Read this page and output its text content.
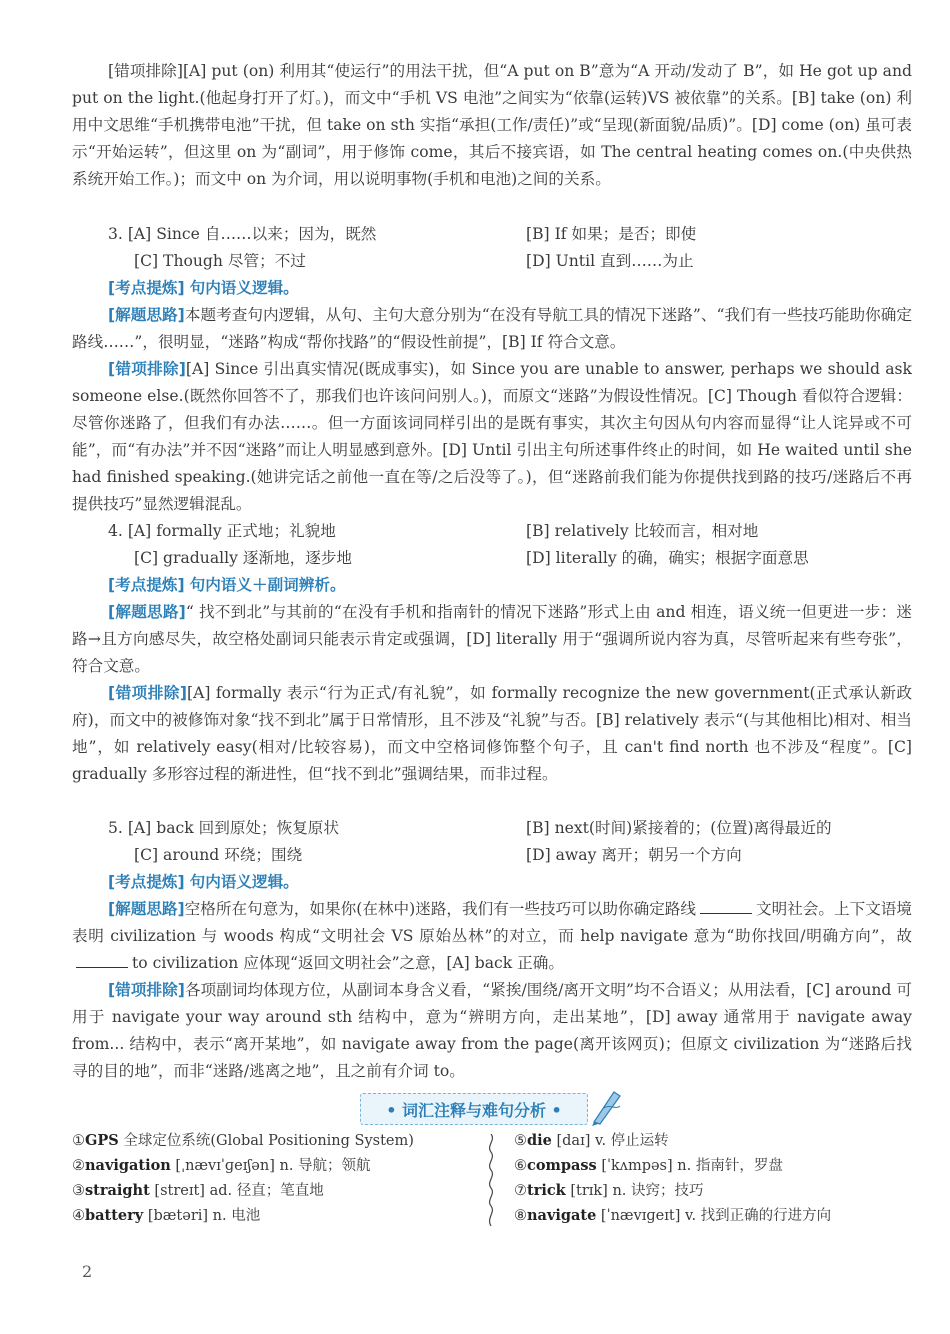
[错项排除][A] put (on) 利用其“使运行”的用法干扰，但“A put on B”意为“A 开动/发动了 B”，如 He got up and put on the light.(他起身打开了灯。)，而文中“手机 VS 电池”之间实为“依靠(运转)VS 被依靠”的关系。[B] take (on) 利用中文思维“手机携带电池”干扰，但 take on sth 实指“承担(工作/责任)”或“呈现(新面貌/品质)”。[D] come (on) 虽可表示“开始运转”，但这里 on 为“副词”，用于修饰 come，其后不接宾语，如 The central heating comes on.(中央供热系统开始工作。)；而文中 on 为介词，用以说明事物(手机和电池)之间的关系。
3. [A] Since 自……以来；因为，既然	[B] If 如果；是否；即使
[C] Though 尽管；不过	[D] Until 直到……为止
[考点提炼] 句内语义逻辑。
[解题思路]本题考查句内逻辑，从句、主句大意分别为“在没有导航工具的情况下迷路”、“我们有一些技巧能助你确定路线……”，很明显，“迷路”构成“帮你找路”的“假设性前提”，[B] If 符合文意。
[错项排除][A] Since 引出真实情况(既成事实)，如 Since you are unable to answer, perhaps we should ask someone else.(既然你回答不了，那我们也许该问问别人。)，而原文“迷路”为假设性情况。[C] Though 看似符合逻辑：尽管你迷路了，但我们有办法……。但一方面该词同样引出的是既有事实，其次主句因从句内容而显得“让人诧异或不可能”，而“有办法”并不因“迷路”而让人明显感到意外。[D] Until 引出主句所述事件终止的时间，如 He waited until she had finished speaking.(她讲完话之前他一直在等/之后没等了。)，但“迷路前我们能为你提供找到路的技巧/迷路后不再提供技巧”显然逻辑混乱。
4. [A] formally 正式地；礼貌地	[B] relatively 比较而言，相对地
[C] gradually 逐渐地，逐步地	[D] literally 的确，确实；根据字面意思
[考点提炼] 句内语义＋副词辨析。
[解题思路]“ 找不到北”与其前的“在没有手机和指南针的情况下迷路”形式上由 and 相连，语义统一但更进一步：迷路→且方向感尽失，故空格处副词只能表示肯定或强调，[D] literally 用于“强调所说内容为真，尽管听起来有些夸张”，符合文意。
[错项排除][A] formally 表示“行为正式/有礼貌”，如 formally recognize the new government(正式承认新政府)，而文中的被修饰对象“找不到北”属于日常情形，且不涉及“礼貌”与否。[B] relatively 表示“(与其他相比)相对、相当地”，如 relatively easy(相对/比较容易)，而文中空格词修饰整个句子，且 can't find north 也不涉及“程度”。[C] gradually 多形容过程的渐进性，但“找不到北”强调结果，而非过程。
5. [A] back 回到原处；恢复原状	[B] next(时间)紧接着的；(位置)离得最近的
[C] around 环绕；围绕	[D] away 离开；朝另一个方向
[考点提炼] 句内语义逻辑。
[解题思路]空格所在句意为，如果你(在林中)迷路，我们有一些技巧可以助你确定路线	文明社会。上下文语境表明 civilization 与 woods 构成“文明社会 VS 原始丛林”的对立，而 help navigate 意为“助你找回/明确方向”，故to civilization 应体现“返回文明社会”之意，[A] back 正确。
[错项排除]各项副词均体现方位，从副词本身含义看，“紧挨/围绕/离开文明”均不合语义；从用法看，[C] around 可用于 navigate your way around sth 结构中，意为“辨明方向，走出某地”，[D] away 通常用于 navigate away from... 结构中，表示“离开某地”，如 navigate away from the page(离开该网页)；但原文 civilization 为“迷路后找寻的目的地”，而非“迷路/逃离之地”，且之前有介词 to。
• 词汇注释与难句分析 •
①GPS 全球定位系统(Global Positioning System)
②navigation [ˌnævɪˈɡeɪʃən] n. 导航；领航
③straight [streɪt] ad. 径直；笔直地
④battery [bætəri] n. 电池
⑤die [daɪ] v. 停止运转
⑥compass [ˈkʌmpəs] n. 指南针，罗盘
⑦trick [trɪk] n. 诀窍；技巧
⑧navigate [ˈnævɪɡeɪt] v. 找到正确的行进方向
2
